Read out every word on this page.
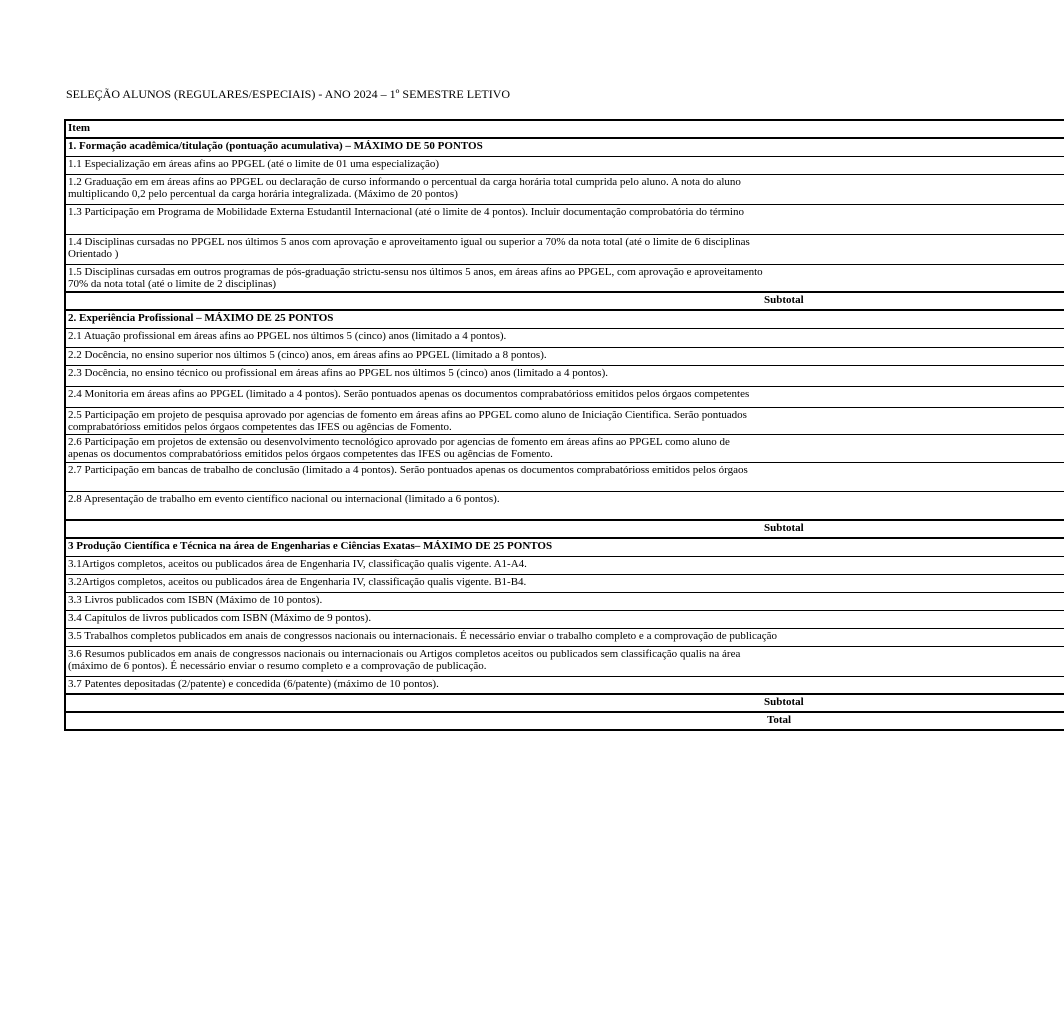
SELEÇÃO ALUNOS (REGULARES/ESPECIAIS) - ANO 2024 – 1º SEMESTRE LETIVO
Item
1. Formação acadêmica/titulação (pontuação acumulativa) – MÁXIMO DE 50 PONTOS
1.1 Especialização em áreas afins ao PPGEL (até o limite de 01 uma especialização)
1.2 Graduação em em áreas afins ao PPGEL ou declaração de curso informando o percentual da carga horária total cumprida pelo aluno. A nota do aluno
multiplicando 0,2 pelo percentual da carga horária integralizada. (Máximo de 20 pontos)
1.3 Participação em Programa de Mobilidade Externa Estudantil Internacional (até o limite de 4 pontos). Incluir documentação comprobatória do término
1.4 Disciplinas cursadas no PPGEL nos últimos 5 anos com aprovação e aproveitamento igual ou superior a 70% da nota total (até o limite de 6 disciplinas
Orientado )
1.5 Disciplinas cursadas em outros programas de pós-graduação strictu-sensu nos últimos 5 anos, em áreas afins ao PPGEL, com aprovação e aproveitamento
70% da nota total (até o limite de 2 disciplinas)
Subtotal
2. Experiência Profissional – MÁXIMO DE 25 PONTOS
2.1 Atuação profissional em áreas afins ao PPGEL nos últimos 5 (cinco) anos (limitado a 4 pontos).
2.2 Docência, no ensino superior nos últimos 5 (cinco) anos, em áreas afins ao PPGEL (limitado a 8 pontos).
2.3 Docência, no ensino técnico ou profissional em áreas afins ao PPGEL nos últimos 5 (cinco) anos (limitado a 4 pontos).
2.4 Monitoria em áreas afins ao PPGEL (limitado a 4 pontos). Serão pontuados apenas os documentos comprabatórioss emitidos pelos órgaos competentes
2.5 Participação em projeto de pesquisa aprovado por agencias de fomento em áreas afins ao PPGEL como aluno de Iniciação Cientifica. Serão pontuados
comprabatórioss emitidos pelos órgaos competentes das IFES ou agências de Fomento.
2.6 Participação em projetos de extensão ou desenvolvimento tecnológico aprovado por agencias de fomento em áreas afins ao PPGEL como aluno de
apenas os documentos comprabatórioss emitidos pelos órgaos competentes das IFES ou agências de Fomento.
2.7 Participação em bancas de trabalho de conclusão (limitado a 4 pontos). Serão pontuados apenas os documentos comprabatórioss emitidos pelos órgaos
2.8 Apresentação de trabalho em evento científico nacional ou internacional (limitado a 6 pontos).
Subtotal
3 Produção Científica e Técnica na área de Engenharias e Ciências Exatas– MÁXIMO DE 25 PONTOS
3.1Artigos completos, aceitos ou publicados área de Engenharia IV, classificação qualis vigente. A1-A4.
3.2Artigos completos, aceitos ou publicados área de Engenharia IV, classificação qualis vigente. B1-B4.
3.3 Livros publicados com ISBN (Máximo de 10 pontos).
3.4 Capítulos de livros publicados com ISBN (Máximo de 9 pontos).
3.5 Trabalhos completos publicados em anais de congressos nacionais ou internacionais. É necessário enviar o trabalho completo e a comprovação de publicação
3.6 Resumos publicados em anais de congressos nacionais ou internacionais ou Artigos completos aceitos ou publicados sem classificação qualis na área
(máximo de 6 pontos). É necessário enviar o resumo completo e a comprovação de publicação.
3.7 Patentes depositadas (2/patente) e concedida (6/patente) (máximo de 10 pontos).
Subtotal
Total
